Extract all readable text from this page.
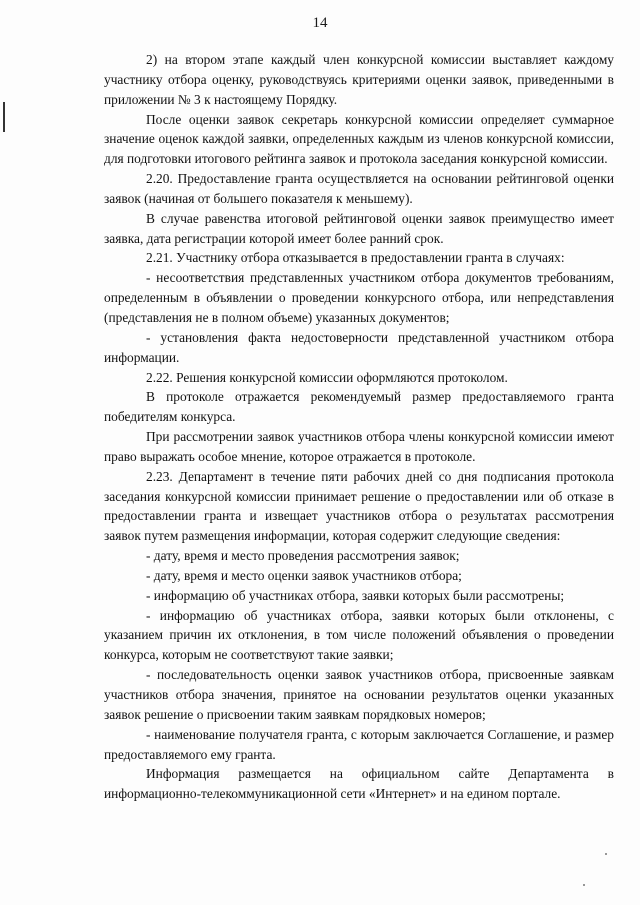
14

2) на втором этапе каждый член конкурсной комиссии выставляет каждому участнику отбора оценку, руководствуясь критериями оценки заявок, приведенными в приложении № 3 к настоящему Порядку.

После оценки заявок секретарь конкурсной комиссии определяет суммарное значение оценок каждой заявки, определенных каждым из членов конкурсной комиссии, для подготовки итогового рейтинга заявок и протокола заседания конкурсной комиссии.

2.20. Предоставление гранта осуществляется на основании рейтинговой оценки заявок (начиная от большего показателя к меньшему).

В случае равенства итоговой рейтинговой оценки заявок преимущество имеет заявка, дата регистрации которой имеет более ранний срок.

2.21. Участнику отбора отказывается в предоставлении гранта в случаях:

- несоответствия представленных участником отбора документов требованиям, определенным в объявлении о проведении конкурсного отбора, или непредставления (представления не в полном объеме) указанных документов;

- установления факта недостоверности представленной участником отбора информации.

2.22. Решения конкурсной комиссии оформляются протоколом.

В протоколе отражается рекомендуемый размер предоставляемого гранта победителям конкурса.

При рассмотрении заявок участников отбора члены конкурсной комиссии имеют право выражать особое мнение, которое отражается в протоколе.

2.23. Департамент в течение пяти рабочих дней со дня подписания протокола заседания конкурсной комиссии принимает решение о предоставлении или об отказе в предоставлении гранта и извещает участников отбора о результатах рассмотрения заявок путем размещения информации, которая содержит следующие сведения:

- дату, время и место проведения рассмотрения заявок;

- дату, время и место оценки заявок участников отбора;

- информацию об участниках отбора, заявки которых были рассмотрены;

- информацию об участниках отбора, заявки которых были отклонены, с указанием причин их отклонения, в том числе положений объявления о проведении конкурса, которым не соответствуют такие заявки;

- последовательность оценки заявок участников отбора, присвоенные заявкам участников отбора значения, принятое на основании результатов оценки указанных заявок решение о присвоении таким заявкам порядковых номеров;

- наименование получателя гранта, с которым заключается Соглашение, и размер предоставляемого ему гранта.

Информация размещается на официальном сайте Департамента в информационно-телекоммуникационной сети «Интернет» и на едином портале.
